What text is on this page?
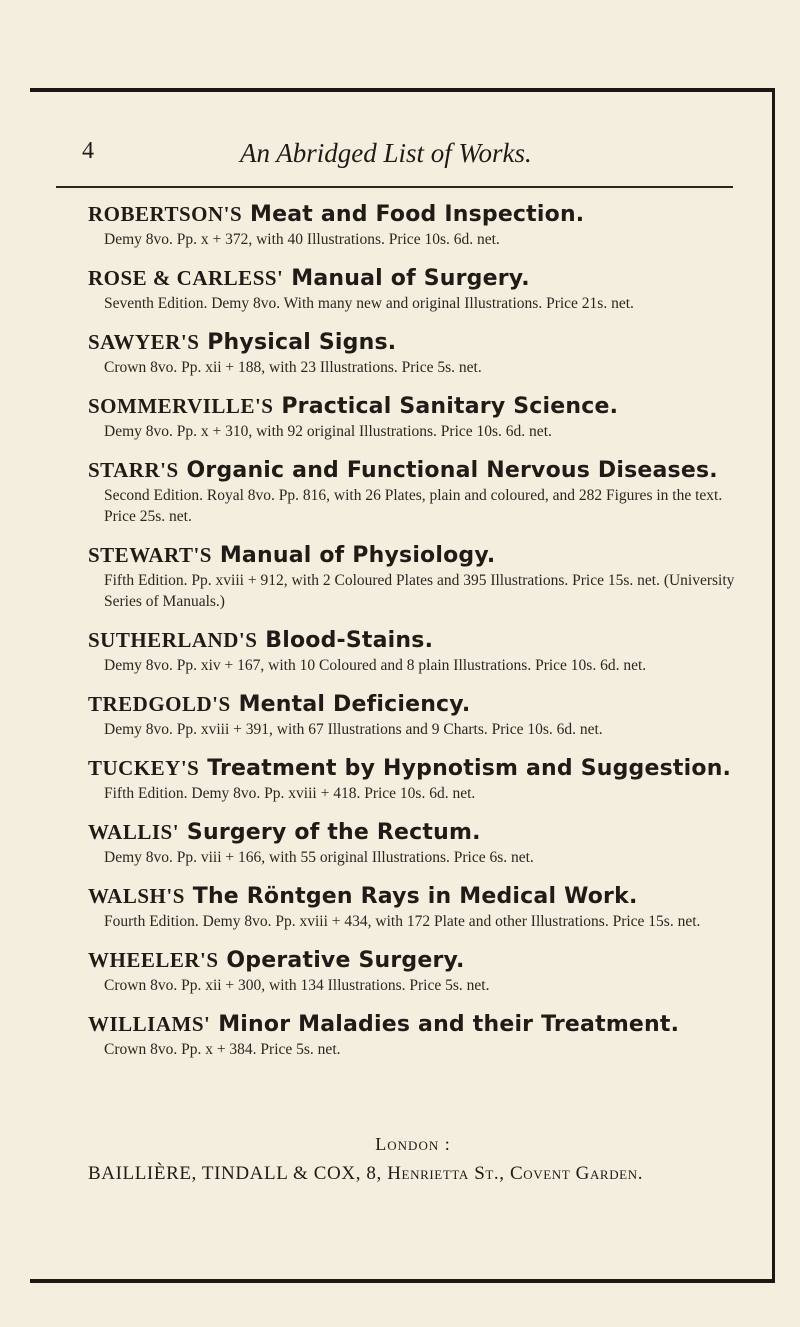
4	An Abridged List of Works.
ROBERTSON'S Meat and Food Inspection.
Demy 8vo. Pp. x + 372, with 40 Illustrations. Price 10s. 6d. net.
ROSE & CARLESS' Manual of Surgery.
Seventh Edition. Demy 8vo. With many new and original Illustrations. Price 21s. net.
SAWYER'S Physical Signs.
Crown 8vo. Pp. xii + 188, with 23 Illustrations. Price 5s. net.
SOMMERVILLE'S Practical Sanitary Science.
Demy 8vo. Pp. x + 310, with 92 original Illustrations. Price 10s. 6d. net.
STARR'S Organic and Functional Nervous Diseases.
Second Edition. Royal 8vo. Pp. 816, with 26 Plates, plain and coloured, and 282 Figures in the text. Price 25s. net.
STEWART'S Manual of Physiology.
Fifth Edition. Pp. xviii + 912, with 2 Coloured Plates and 395 Illustrations. Price 15s. net. (University Series of Manuals.)
SUTHERLAND'S Blood-Stains.
Demy 8vo. Pp. xiv + 167, with 10 Coloured and 8 plain Illustrations. Price 10s. 6d. net.
TREDGOLD'S Mental Deficiency.
Demy 8vo. Pp. xviii + 391, with 67 Illustrations and 9 Charts. Price 10s. 6d. net.
TUCKEY'S Treatment by Hypnotism and Suggestion.
Fifth Edition. Demy 8vo. Pp. xviii + 418. Price 10s. 6d. net.
WALLIS' Surgery of the Rectum.
Demy 8vo. Pp. viii + 166, with 55 original Illustrations. Price 6s. net.
WALSH'S The Röntgen Rays in Medical Work.
Fourth Edition. Demy 8vo. Pp. xviii + 434, with 172 Plate and other Illustrations. Price 15s. net.
WHEELER'S Operative Surgery.
Crown 8vo. Pp. xii + 300, with 134 Illustrations. Price 5s. net.
WILLIAMS' Minor Maladies and their Treatment.
Crown 8vo. Pp. x + 384. Price 5s. net.
London :
BAILLIÈRE, TINDALL & COX, 8, Henrietta St., Covent Garden.
